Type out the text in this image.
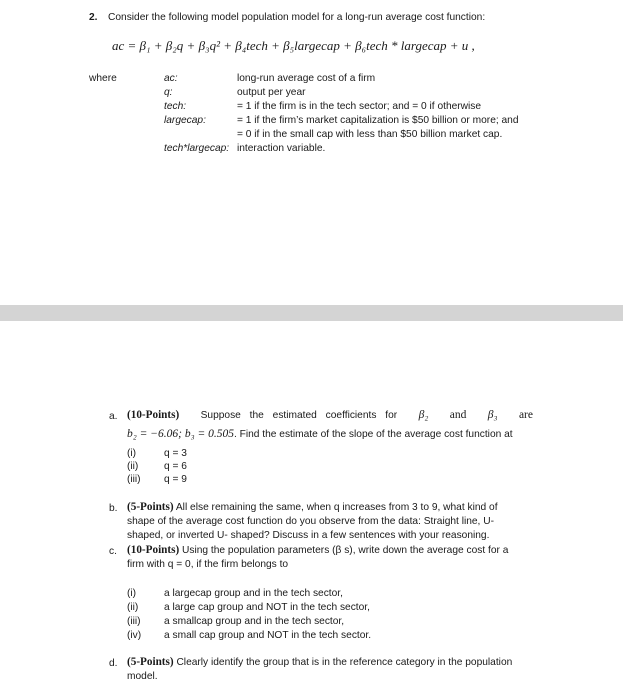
2. Consider the following model population model for a long-run average cost function:
ac = β₁ + β₂q + β₃q² + β₄tech + β₅largecap + β₆tech * largecap + u ,
where	ac:	long-run average cost of a firm
q:	output per year
tech:	= 1 if the firm is in the tech sector; and = 0 if otherwise
largecap:	= 1 if the firm’s market capitalization is $50 billion or more; and
= 0 if in the small cap with less than $50 billion market cap.
tech*largecap: interaction variable.
a. (10-Points) Suppose the estimated coefficients for β₂ and β₃ are
b₂ = −6.06; b₃ = 0.505. Find the estimate of the slope of the average cost function at
(i)	q = 3
(ii)	q = 6
(iii) q = 9
b. (5-Points) All else remaining the same, when q increases from 3 to 9, what kind of
shape of the average cost function do you observe from the data: Straight line, U-
shaped, or inverted U- shaped? Discuss in a few sentences with your reasoning.
c. (10-Points) Using the population parameters (β s), write down the average cost for a
firm with q = 0, if the firm belongs to
(i)	a largecap group and in the tech sector,
(ii)	a large cap group and NOT in the tech sector,
(iii) a smallcap group and in the tech sector,
(iv) a small cap group and NOT in the tech sector.
d. (5-Points) Clearly identify the group that is in the reference category in the population
model.
